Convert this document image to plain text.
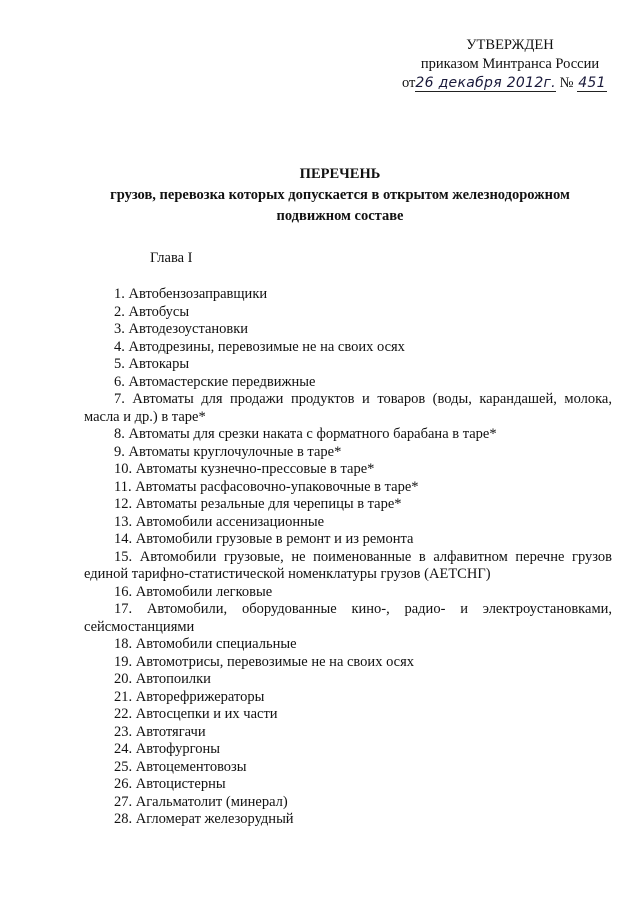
УТВЕРЖДЕН
приказом Минтранса России
от26 декабря 2012г. № 451
ПЕРЕЧЕНЬ
грузов, перевозка которых допускается в открытом железнодорожном подвижном составе
Глава I
1. Автобензозаправщики
2. Автобусы
3. Автодезоустановки
4. Автодрезины, перевозимые не на своих осях
5. Автокары
6. Автомастерские передвижные
7. Автоматы для продажи продуктов и товаров (воды, карандашей, молока, масла и др.) в таре*
8. Автоматы для срезки наката с форматного барабана в таре*
9. Автоматы круглочулочные в таре*
10. Автоматы кузнечно-прессовые в таре*
11. Автоматы расфасовочно-упаковочные в таре*
12. Автоматы резальные для черепицы в таре*
13. Автомобили ассенизационные
14. Автомобили грузовые в ремонт и из ремонта
15. Автомобили грузовые, не поименованные в алфавитном перечне грузов единой тарифно-статистической номенклатуры грузов (АЕТСНГ)
16. Автомобили легковые
17. Автомобили, оборудованные кино-, радио- и электроустановками, сейсмостанциями
18. Автомобили специальные
19. Автомотрисы, перевозимые не на своих осях
20. Автопоилки
21. Авторефрижераторы
22. Автосцепки и их части
23. Автотягачи
24. Автофургоны
25. Автоцементовозы
26. Автоцистерны
27. Агальматолит (минерал)
28. Агломерат железорудный
